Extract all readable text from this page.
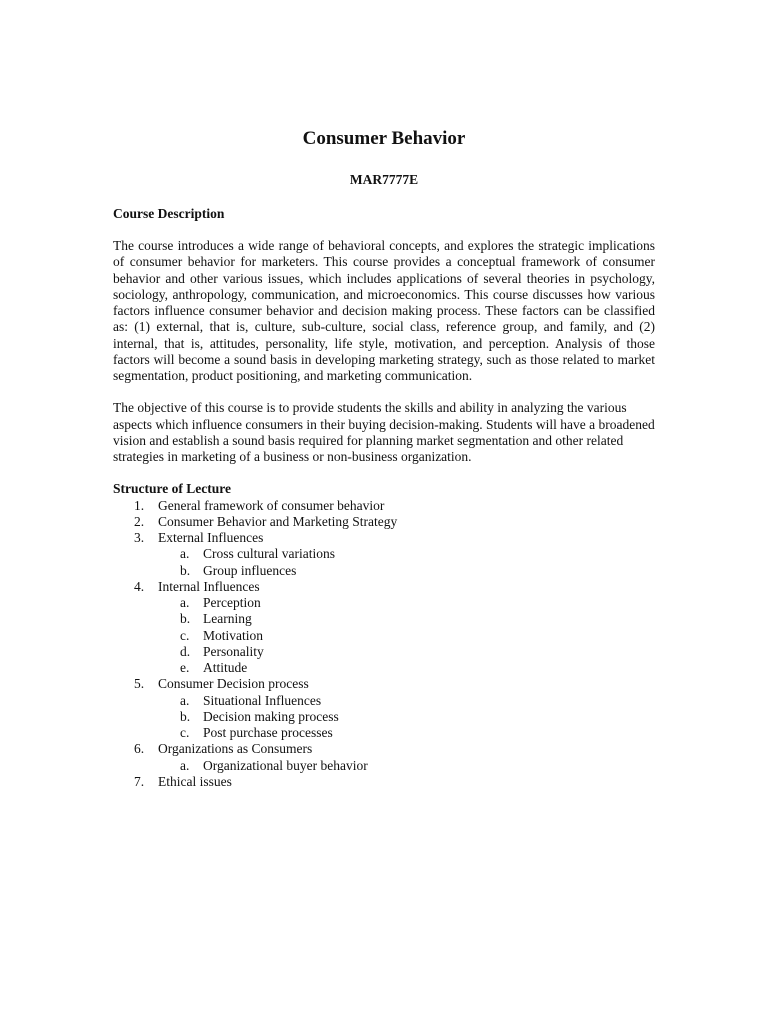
Consumer Behavior
MAR7777E
Course Description

The course introduces a wide range of behavioral concepts, and explores the strategic implications of consumer behavior for marketers. This course provides a conceptual framework of consumer behavior and other various issues, which includes applications of several theories in psychology, sociology, anthropology, communication, and microeconomics. This course discusses how various factors influence consumer behavior and decision making process. These factors can be classified as: (1) external, that is, culture, sub-culture, social class, reference group, and family, and (2) internal, that is, attitudes, personality, life style, motivation, and perception. Analysis of those factors will become a sound basis in developing marketing strategy, such as those related to market segmentation, product positioning, and marketing communication.

The objective of this course is to provide students the skills and ability in analyzing the various aspects which influence consumers in their buying decision-making. Students will have a broadened vision and establish a sound basis required for planning market segmentation and other related strategies in marketing of a business or non-business organization.

Structure of Lecture
1. General framework of consumer behavior
2. Consumer Behavior and Marketing Strategy
3. External Influences
a. Cross cultural variations
b. Group influences
4. Internal Influences
a. Perception
b. Learning
c. Motivation
d. Personality
e. Attitude
5. Consumer Decision process
a. Situational Influences
b. Decision making process
c. Post purchase processes
6. Organizations as Consumers
a. Organizational buyer behavior
7. Ethical issues
